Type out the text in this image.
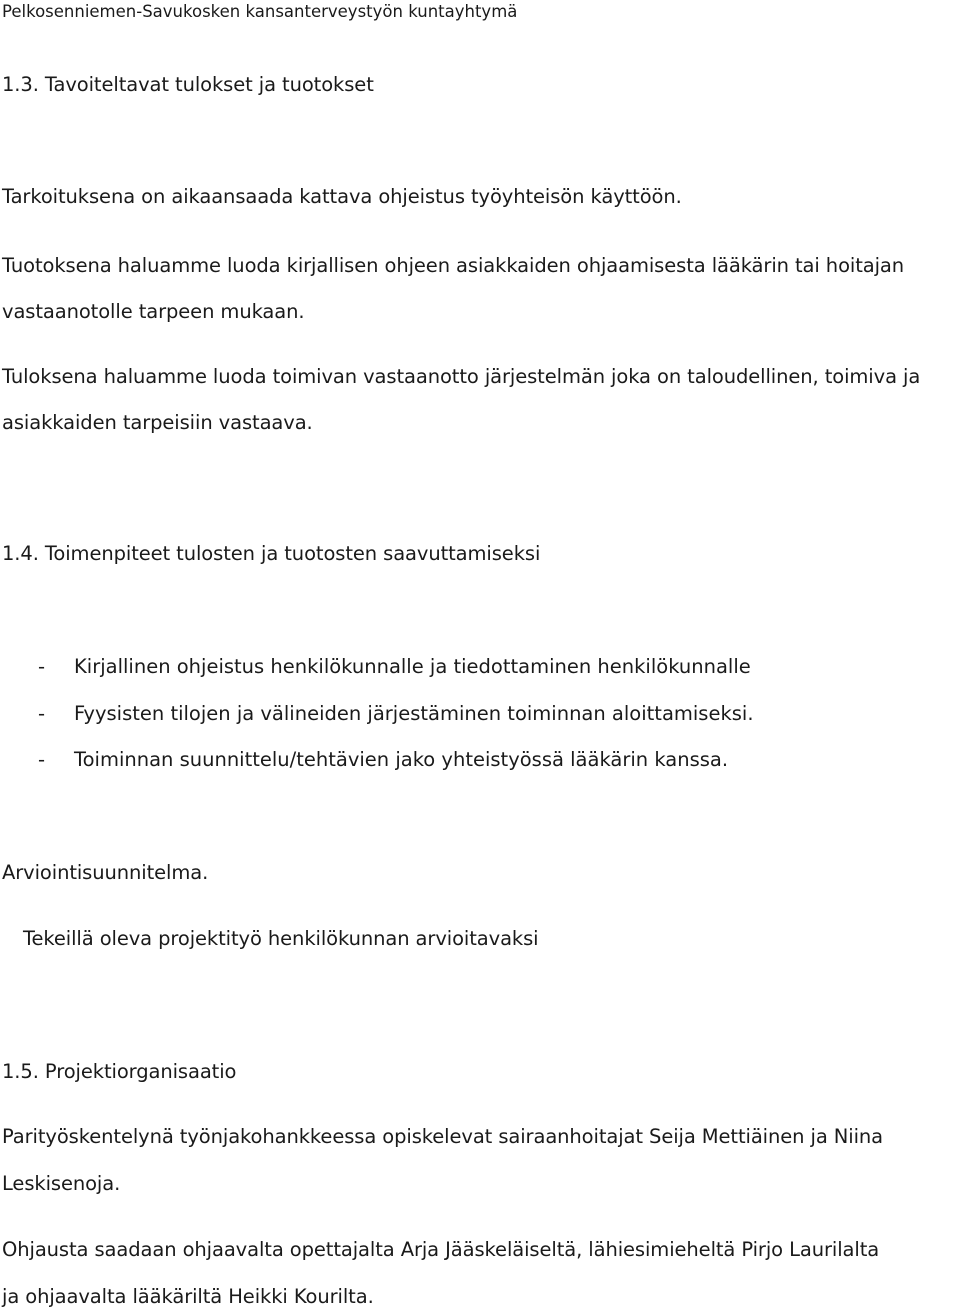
Pelkosenniemen-Savukosken kansanterveystyön kuntayhtymä
1.3. Tavoiteltavat tulokset ja tuotokset
Tarkoituksena on aikaansaada kattava ohjeistus työyhteisön käyttöön.
Tuotoksena haluamme luoda kirjallisen ohjeen asiakkaiden ohjaamisesta lääkärin tai hoitajan
vastaanotolle tarpeen mukaan.
Tuloksena haluamme luoda toimivan vastaanotto järjestelmän joka on taloudellinen, toimiva ja
asiakkaiden tarpeisiin vastaava.
1.4. Toimenpiteet tulosten ja tuotosten saavuttamiseksi
- Kirjallinen ohjeistus henkilökunnalle ja tiedottaminen henkilökunnalle
- Fyysisten tilojen ja välineiden järjestäminen toiminnan aloittamiseksi.
- Toiminnan suunnittelu/tehtävien jako yhteistyössä lääkärin kanssa.
Arviointisuunnitelma.
Tekeillä oleva projektityö henkilökunnan arvioitavaksi
1.5. Projektiorganisaatio
Parityöskentelynä työnjakohankkeessa opiskelevat sairaanhoitajat Seija Mettiäinen ja Niina
Leskisenoja.
Ohjausta saadaan ohjaavalta opettajalta Arja Jääskeläiseltä, lähiesimieheltä Pirjo Laurilalta
ja ohjaavalta lääkäriltä Heikki Kourilta.
